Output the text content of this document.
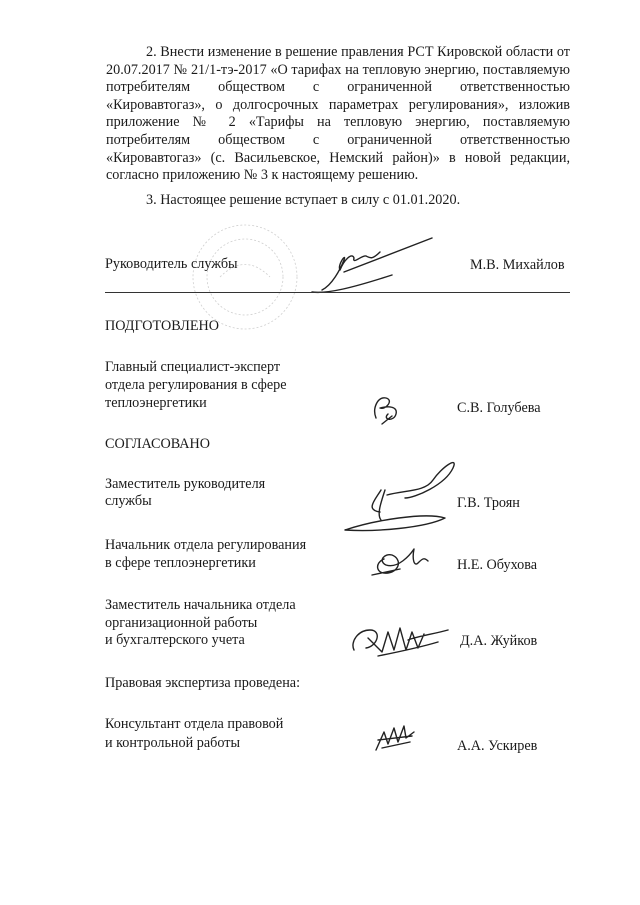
2. Внести изменение в решение правления РСТ Кировской области от 20.07.2017 № 21/1-тэ-2017 «О тарифах на тепловую энергию, поставляемую потребителям обществом с ограниченной ответственностью «Кировавтогаз», о долгосрочных параметрах регулирования», изложив приложение № 2 «Тарифы на тепловую энергию, поставляемую потребителям обществом с ограниченной ответственностью «Кировавтогаз» (с. Васильевское, Немский район)» в новой редакции, согласно приложению № 3 к настоящему решению.
3. Настоящее решение вступает в силу с 01.01.2020.
Руководитель службы	М.В. Михайлов
ПОДГОТОВЛЕНО
Главный специалист-эксперт
отдела регулирования в сфере
теплоэнергетики	С.В. Голубева
СОГЛАСОВАНО
Заместитель руководителя
службы	Г.В. Троян
Начальник отдела регулирования
в сфере теплоэнергетики	Н.Е. Обухова
Заместитель начальника отдела
организационной работы
и бухгалтерского учета	Д.А. Жуйков
Правовая экспертиза проведена:
Консультант отдела правовой
и контрольной работы	А.А. Ускирев
